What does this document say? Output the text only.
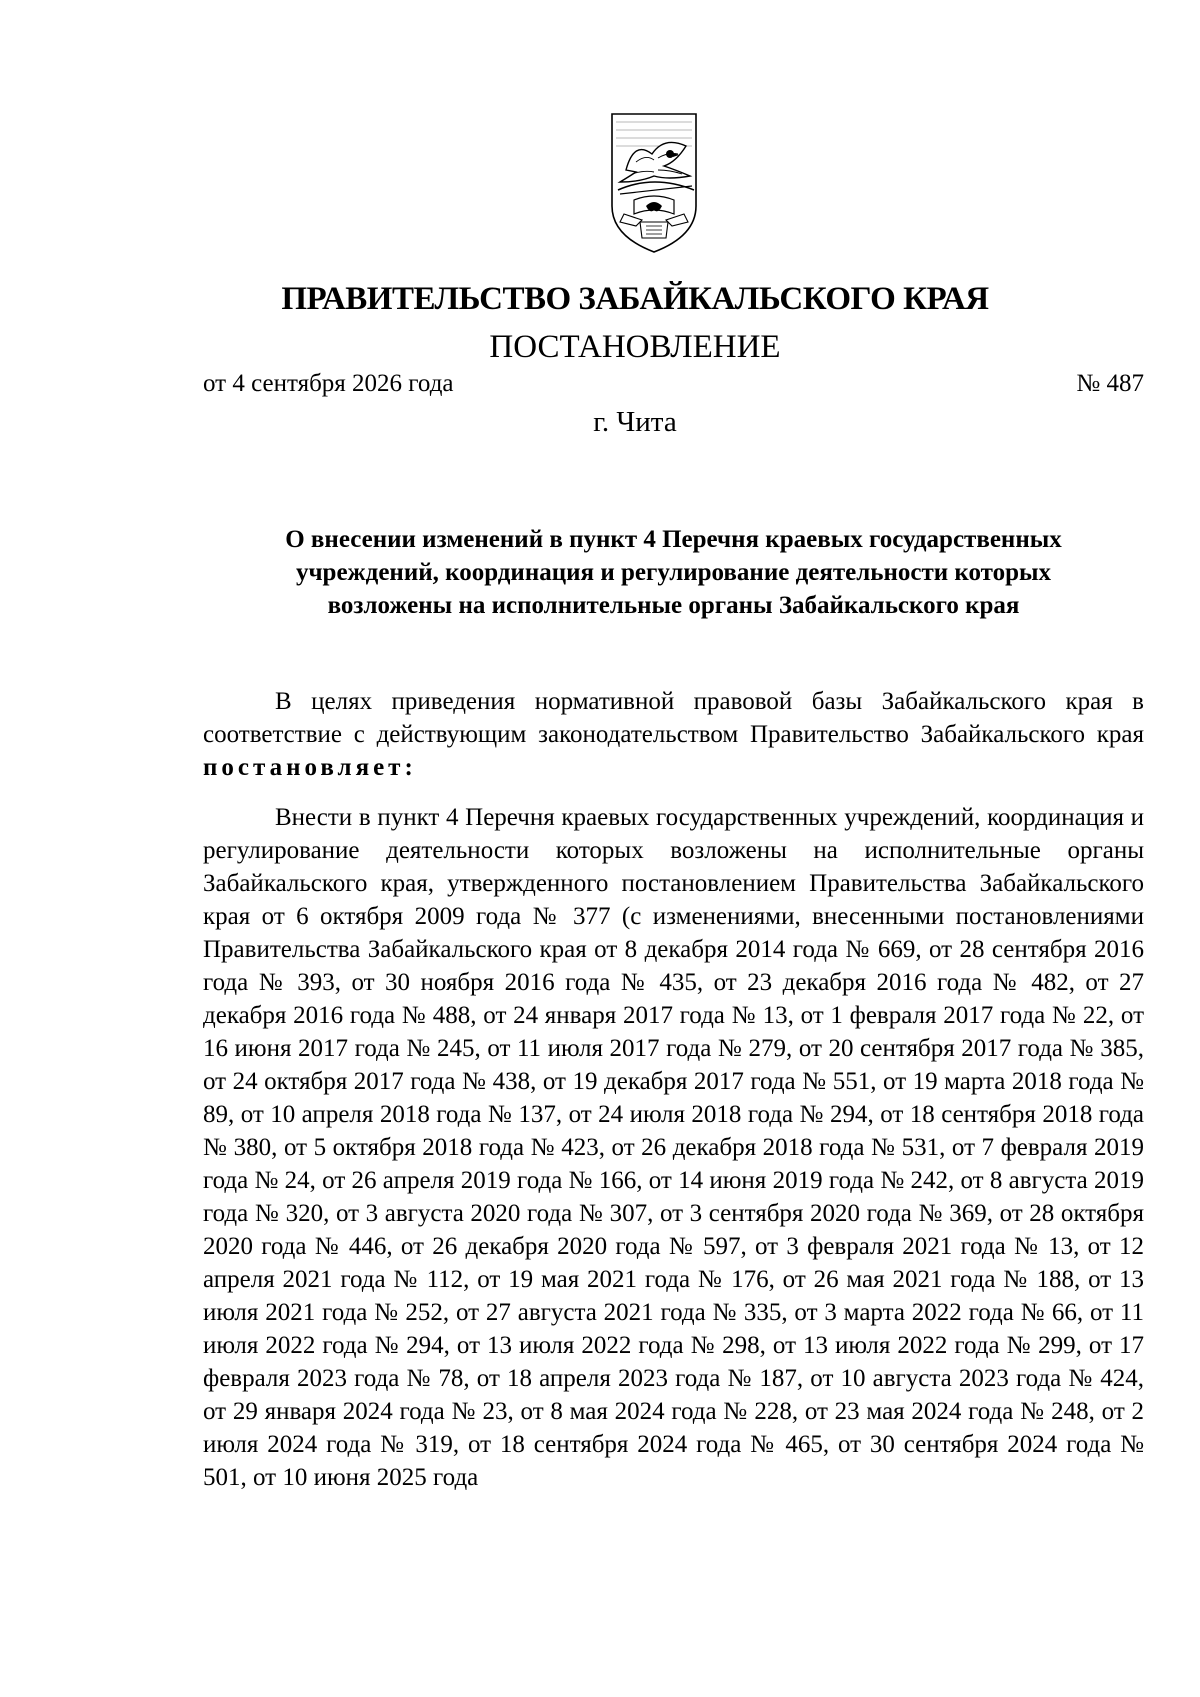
ПРАВИТЕЛЬСТВО ЗАБАЙКАЛЬСКОГО КРАЯ
ПОСТАНОВЛЕНИЕ
от 4 сентября 2026 года	№ 487
г. Чита
О внесении изменений в пункт 4 Перечня краевых государственных
учреждений, координация и регулирование деятельности которых
возложены на исполнительные органы Забайкальского края

В целях приведения нормативной правовой базы Забайкальского края в соответствие с действующим законодательством Правительство Забайкальского края постановляет:

Внести в пункт 4 Перечня краевых государственных учреждений, координация и регулирование деятельности которых возложены на исполнительные органы Забайкальского края, утвержденного постановлением Правительства Забайкальского края от 6 октября 2009 года № 377 (с изменениями, внесенными постановлениями Правительства Забайкальского края от 8 декабря 2014 года № 669, от 28 сентября 2016 года № 393, от 30 ноября 2016 года № 435, от 23 декабря 2016 года № 482, от 27 декабря 2016 года № 488, от 24 января 2017 года № 13, от 1 февраля 2017 года № 22, от 16 июня 2017 года № 245, от 11 июля 2017 года № 279, от 20 сентября 2017 года № 385, от 24 октября 2017 года № 438, от 19 декабря 2017 года № 551, от 19 марта 2018 года № 89, от 10 апреля 2018 года № 137, от 24 июля 2018 года № 294, от 18 сентября 2018 года № 380, от 5 октября 2018 года № 423, от 26 декабря 2018 года № 531, от 7 февраля 2019 года № 24, от 26 апреля 2019 года № 166, от 14 июня 2019 года № 242, от 8 августа 2019 года № 320, от 3 августа 2020 года № 307, от 3 сентября 2020 года № 369, от 28 октября 2020 года № 446, от 26 декабря 2020 года № 597, от 3 февраля 2021 года № 13, от 12 апреля 2021 года № 112, от 19 мая 2021 года № 176, от 26 мая 2021 года № 188, от 13 июля 2021 года № 252, от 27 августа 2021 года № 335, от 3 марта 2022 года № 66, от 11 июля 2022 года № 294, от 13 июля 2022 года № 298, от 13 июля 2022 года № 299, от 17 февраля 2023 года № 78, от 18 апреля 2023 года № 187, от 10 августа 2023 года № 424, от 29 января 2024 года № 23, от 8 мая 2024 года № 228, от 23 мая 2024 года № 248, от 2 июля 2024 года № 319, от 18 сентября 2024 года № 465, от 30 сентября 2024 года № 501, от 10 июня 2025 года
